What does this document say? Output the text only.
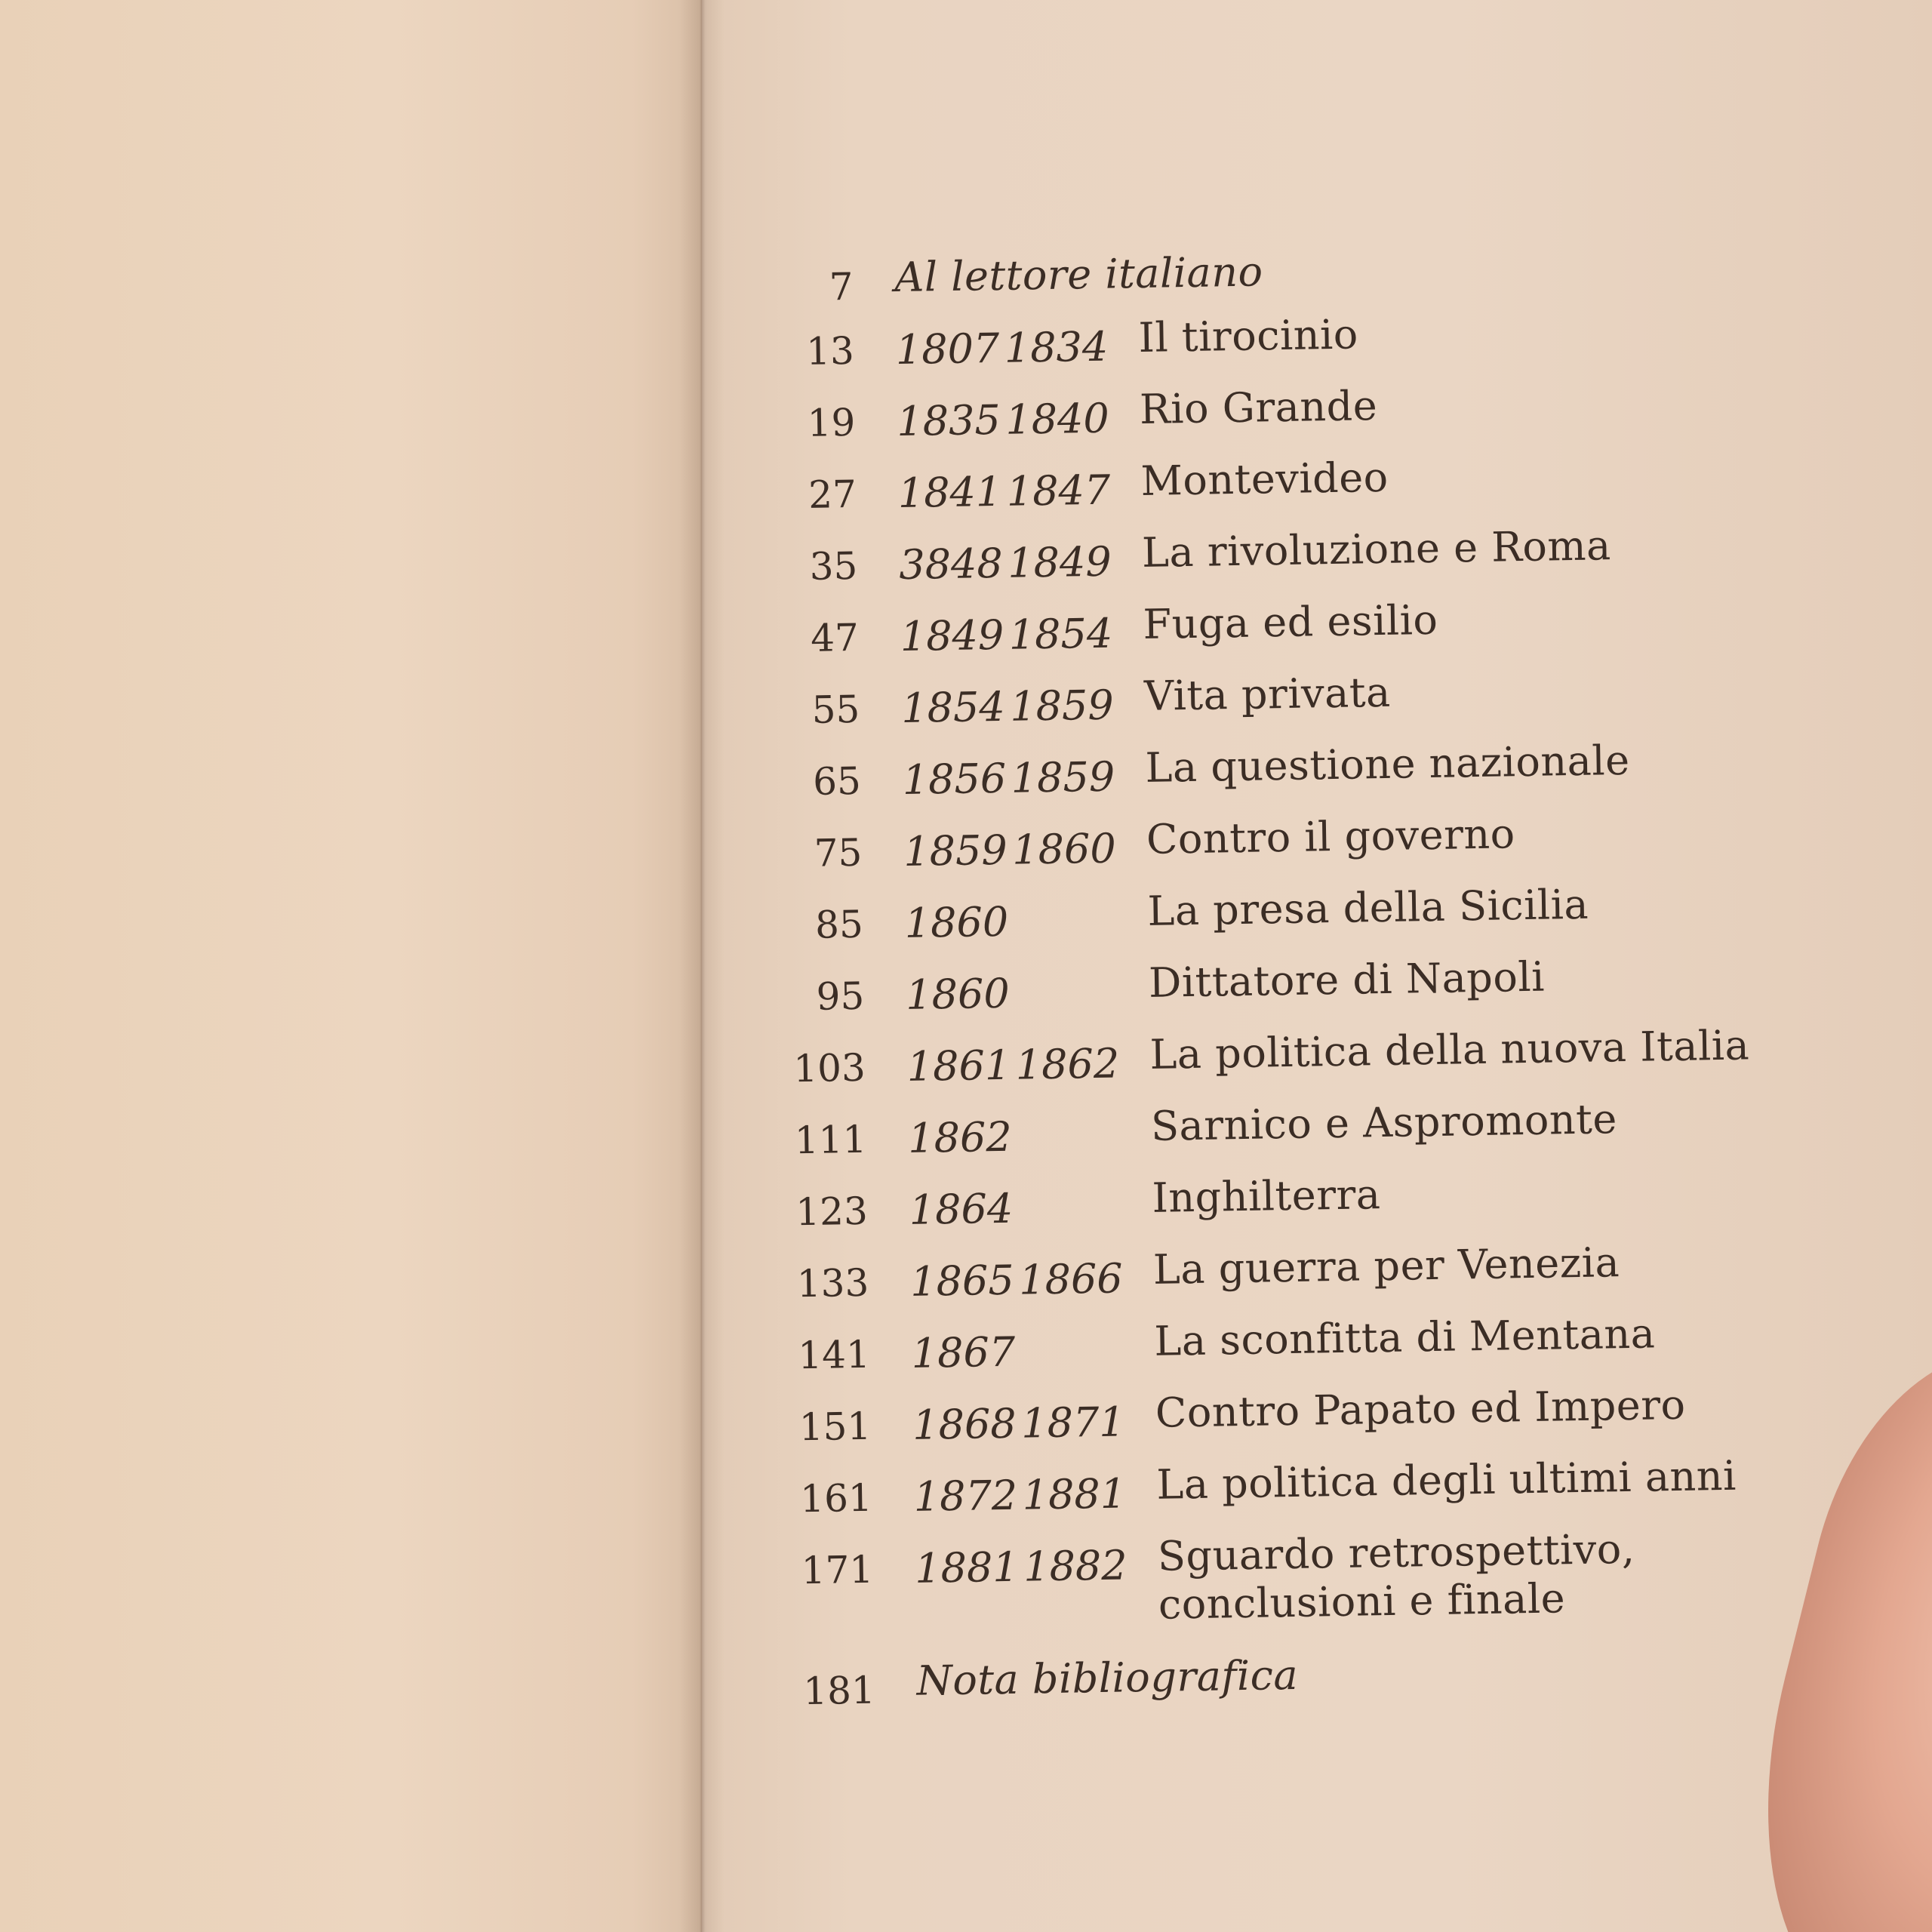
7 Al lettore italiano
13 1807 1834 Il tirocinio
19 1835 1840 Rio Grande
27 1841 1847 Montevideo
35 3848 1849 La rivoluzione e Roma
47 1849 1854 Fuga ed esilio
55 1854 1859 Vita privata
65 1856 1859 La questione nazionale
75 1859 1860 Contro il governo
85 1860	La presa della Sicilia
95 1860	Dittatore di Napoli
103 1861 1862 La politica della nuova Italia
111 1862	Sarnico e Aspromonte
123 1864	Inghilterra
133 1865 1866 La guerra per Venezia
141 1867	La sconfitta di Mentana
151 1868 1871 Contro Papato ed Impero
161 1872 1881 La politica degli ultimi anni
171 1881 1882 Sguardo retrospettivo,
conclusioni e finale
181 Nota bibliografica
